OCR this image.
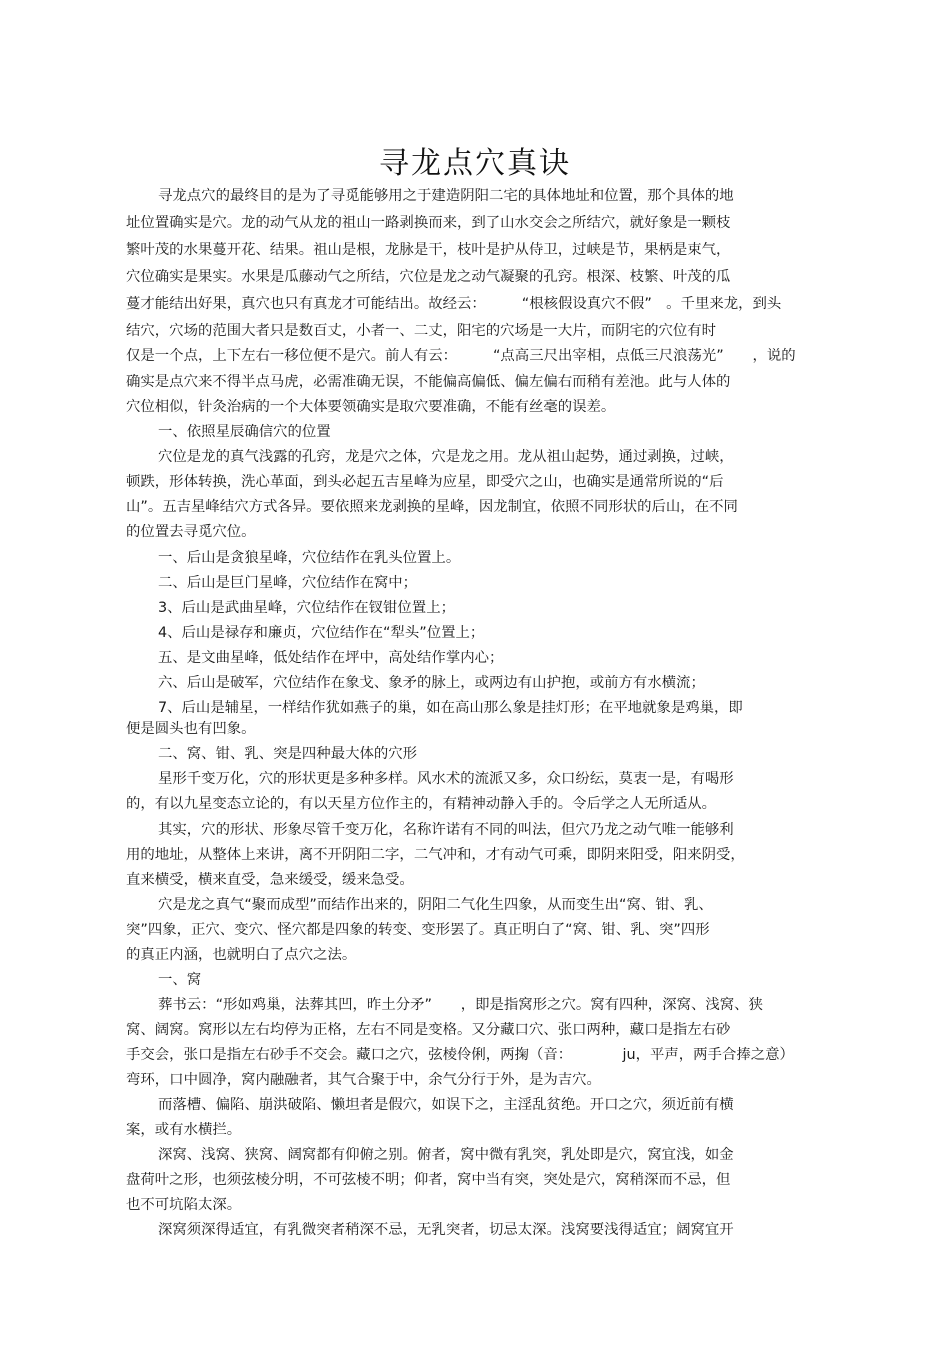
寻龙点穴真诀
寻龙点穴的最终目的是为了寻觅能够用之于建造阴阳二宅的具体地址和位置，那个具体的地
址位置确实是穴。龙的动气从龙的祖山一路剥换而来，到了山水交会之所结穴，就好象是一颗枝
繁叶茂的水果蔓开花、结果。祖山是根，龙脉是干，枝叶是护从侍卫，过峡是节，果柄是束气，
穴位确实是果实。水果是瓜藤动气之所结，穴位是龙之动气凝聚的孔窍。根深、枝繁、叶茂的瓜
蔓才能结出好果，真穴也只有真龙才可能结出。故经云：　　　“根核假设真穴不假”　。千里来龙，到头
结穴，穴场的范围大者只是数百丈，小者一、二丈，阳宅的穴场是一大片，而阴宅的穴位有时
仅是一个点，上下左右一移位便不是穴。前人有云：　　　“点高三尺出宰相，点低三尺浪荡光”　　，说的
确实是点穴来不得半点马虎，必需准确无误，不能偏高偏低、偏左偏右而稍有差池。此与人体的
穴位相似，针灸治病的一个大体要领确实是取穴要准确，不能有丝毫的误差。
一、依照星辰确信穴的位置
穴位是龙的真气浅露的孔窍，龙是穴之体，穴是龙之用。龙从祖山起势，通过剥换，过峡，
顿跌，形体转换，洗心革面，到头必起五吉星峰为应星，即受穴之山，也确实是通常所说的“后
山”。五吉星峰结穴方式各异。要依照来龙剥换的星峰，因龙制宜，依照不同形状的后山，在不同
的位置去寻觅穴位。
一、后山是贪狼星峰，穴位结作在乳头位置上。
二、后山是巨门星峰，穴位结作在窝中；
3、后山是武曲星峰，穴位结作在钗钳位置上；
4、后山是禄存和廉贞，穴位结作在“犁头”位置上；
五、是文曲星峰，低处结作在坪中，高处结作掌内心；
六、后山是破军，穴位结作在象戈、象矛的脉上，或两边有山护抱，或前方有水横流；
7、后山是辅星，一样结作犹如燕子的巢，如在高山那么象是挂灯形；在平地就象是鸡巢，即
便是圆头也有凹象。
二、窝、钳、乳、突是四种最大体的穴形
星形千变万化，穴的形状更是多种多样。风水术的流派又多，众口纷纭，莫衷一是，有喝形
的，有以九星变态立论的，有以天星方位作主的，有精神动静入手的。令后学之人无所适从。
其实，穴的形状、形象尽管千变万化，名称许诺有不同的叫法，但穴乃龙之动气唯一能够利
用的地址，从整体上来讲，离不开阴阳二字，二气冲和，才有动气可乘，即阴来阳受，阳来阴受，
直来横受，横来直受，急来缓受，缓来急受。
穴是龙之真气“聚而成型”而结作出来的，阴阳二气化生四象，从而变生出“窝、钳、乳、
突”四象，正穴、变穴、怪穴都是四象的转变、变形罢了。真正明白了“窝、钳、乳、突”四形
的真正内涵，也就明白了点穴之法。
一、窝
葬书云：“形如鸡巢，法葬其凹，昨土分矛”　　，即是指窝形之穴。窝有四种，深窝、浅窝、狭
窝、阔窝。窝形以左右均停为正格，左右不同是变格。又分藏口穴、张口两种，藏口是指左右砂
手交会，张口是指左右砂手不交会。藏口之穴，弦棱伶俐，两掬（音：　　　　ju，平声，两手合捧之意）
弯环，口中圆净，窝内融融者，其气合聚于中，余气分行于外，是为吉穴。
而落槽、偏陷、崩洪破陷、懒坦者是假穴，如误下之，主淫乱贫绝。开口之穴，须近前有横
案，或有水横拦。
深窝、浅窝、狭窝、阔窝都有仰俯之别。俯者，窝中微有乳突，乳处即是穴，窝宜浅，如金
盘荷叶之形，也须弦棱分明，不可弦棱不明；仰者，窝中当有突，突处是穴，窝稍深而不忌，但
也不可坑陷太深。
深窝须深得适宜，有乳微突者稍深不忌，无乳突者，切忌太深。浅窝要浅得适宜；阔窝宜开
